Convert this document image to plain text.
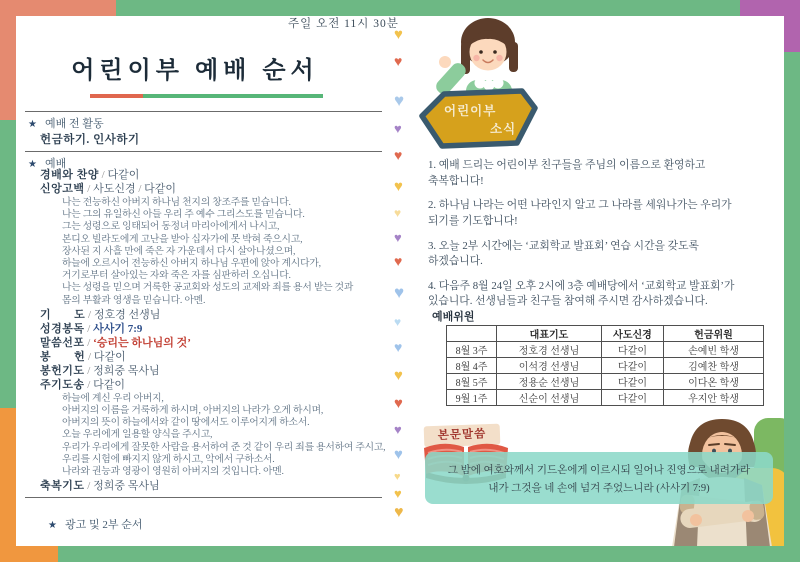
주일 오전 11시 30분
어린이부 예배 순서
★ 예배 전 활동
헌금하기. 인사하기
★ 예배
경배와 찬양 / 다같이
신앙고백 / 사도신경 / 다같이
나는 전능하신 아버지 하나님 천지의 창조주를 믿습니다.
나는 그의 유일하신 아들 우리 주 예수 그리스도를 믿습니다.
그는 성령으로 잉태되어 동정녀 마리아에게서 나시고,
본디오 빌라도에게 고난을 받아 십자가에 못 박혀 죽으시고,
장사된 지 사흘 만에 죽은 자 가운데서 다시 살아나셨으며,
하늘에 오르시어 전능하신 아버지 하나님 우편에 앉아 계시다가,
거기로부터 살아있는 자와 죽은 자를 심판하러 오십니다.
나는 성령을 믿으며 거룩한 공교회와 성도의 교제와 죄를 용서 받는 것과
몸의 부활과 영생을 믿습니다. 아멘.
기　　도 / 정호경 선생님
성경봉독 / 사사기 7:9
말씀선포 / ‘승리는 하나님의 것’
봉　　헌 / 다같이
봉헌기도 / 정희중 목사님
주기도송 / 다같이
하늘에 계신 우리 아버지,
아버지의 이름을 거룩하게 하시며, 아버지의 나라가 오게 하시며,
아버지의 뜻이 하늘에서와 같이 땅에서도 이루어지게 하소서.
오늘 우리에게 일용할 양식을 주시고,
우리가 우리에게 잘못한 사람을 용서하여 준 것 같이 우리 죄를 용서하여 주시고,
우리를 시험에 빠지지 않게 하시고, 악에서 구하소서.
나라와 권능과 영광이 영원히 아버지의 것입니다. 아멘.
축복기도 / 정희중 목사님
★ 광고 및 2부 순서
♥
♥
♥
♥
♥
♥
♥
♥
♥
♥
♥
♥
♥
♥
♥
♥
♥
♥
♥
어린이부
소식
1. 예배 드리는 어린이부 친구들을 주님의 이름으로 환영하고
축복합니다!
2. 하나님 나라는 어떤 나라인지 알고 그 나라를 세워나가는 우리가
되기를 기도합니다!
3. 오늘 2부 시간에는 ‘교회학교 발표회’ 연습 시간을 갖도록
하겠습니다.
4. 다음주 8월 24일 오후 2시에 3층 예배당에서 ‘교회학교 발표회’가
있습니다. 선생님들과 친구들 참여해 주시면 감사하겠습니다.
예배위원
	대표기도	사도신경	헌금위원
8월 3주	정호경 선생님	다같이	손예빈 학생
8월 4주	이석경 선생님	다같이	김예찬 학생
8월 5주	정용순 선생님	다같이	이다온 학생
9월 1주	신순이 선생님	다같이	우지안 학생
본문말씀
그 밤에 여호와께서 기드온에게 이르시되 일어나 진영으로 내려가라
내가 그것을 네 손에 넘겨 주었느니라 (사사기 7:9)
